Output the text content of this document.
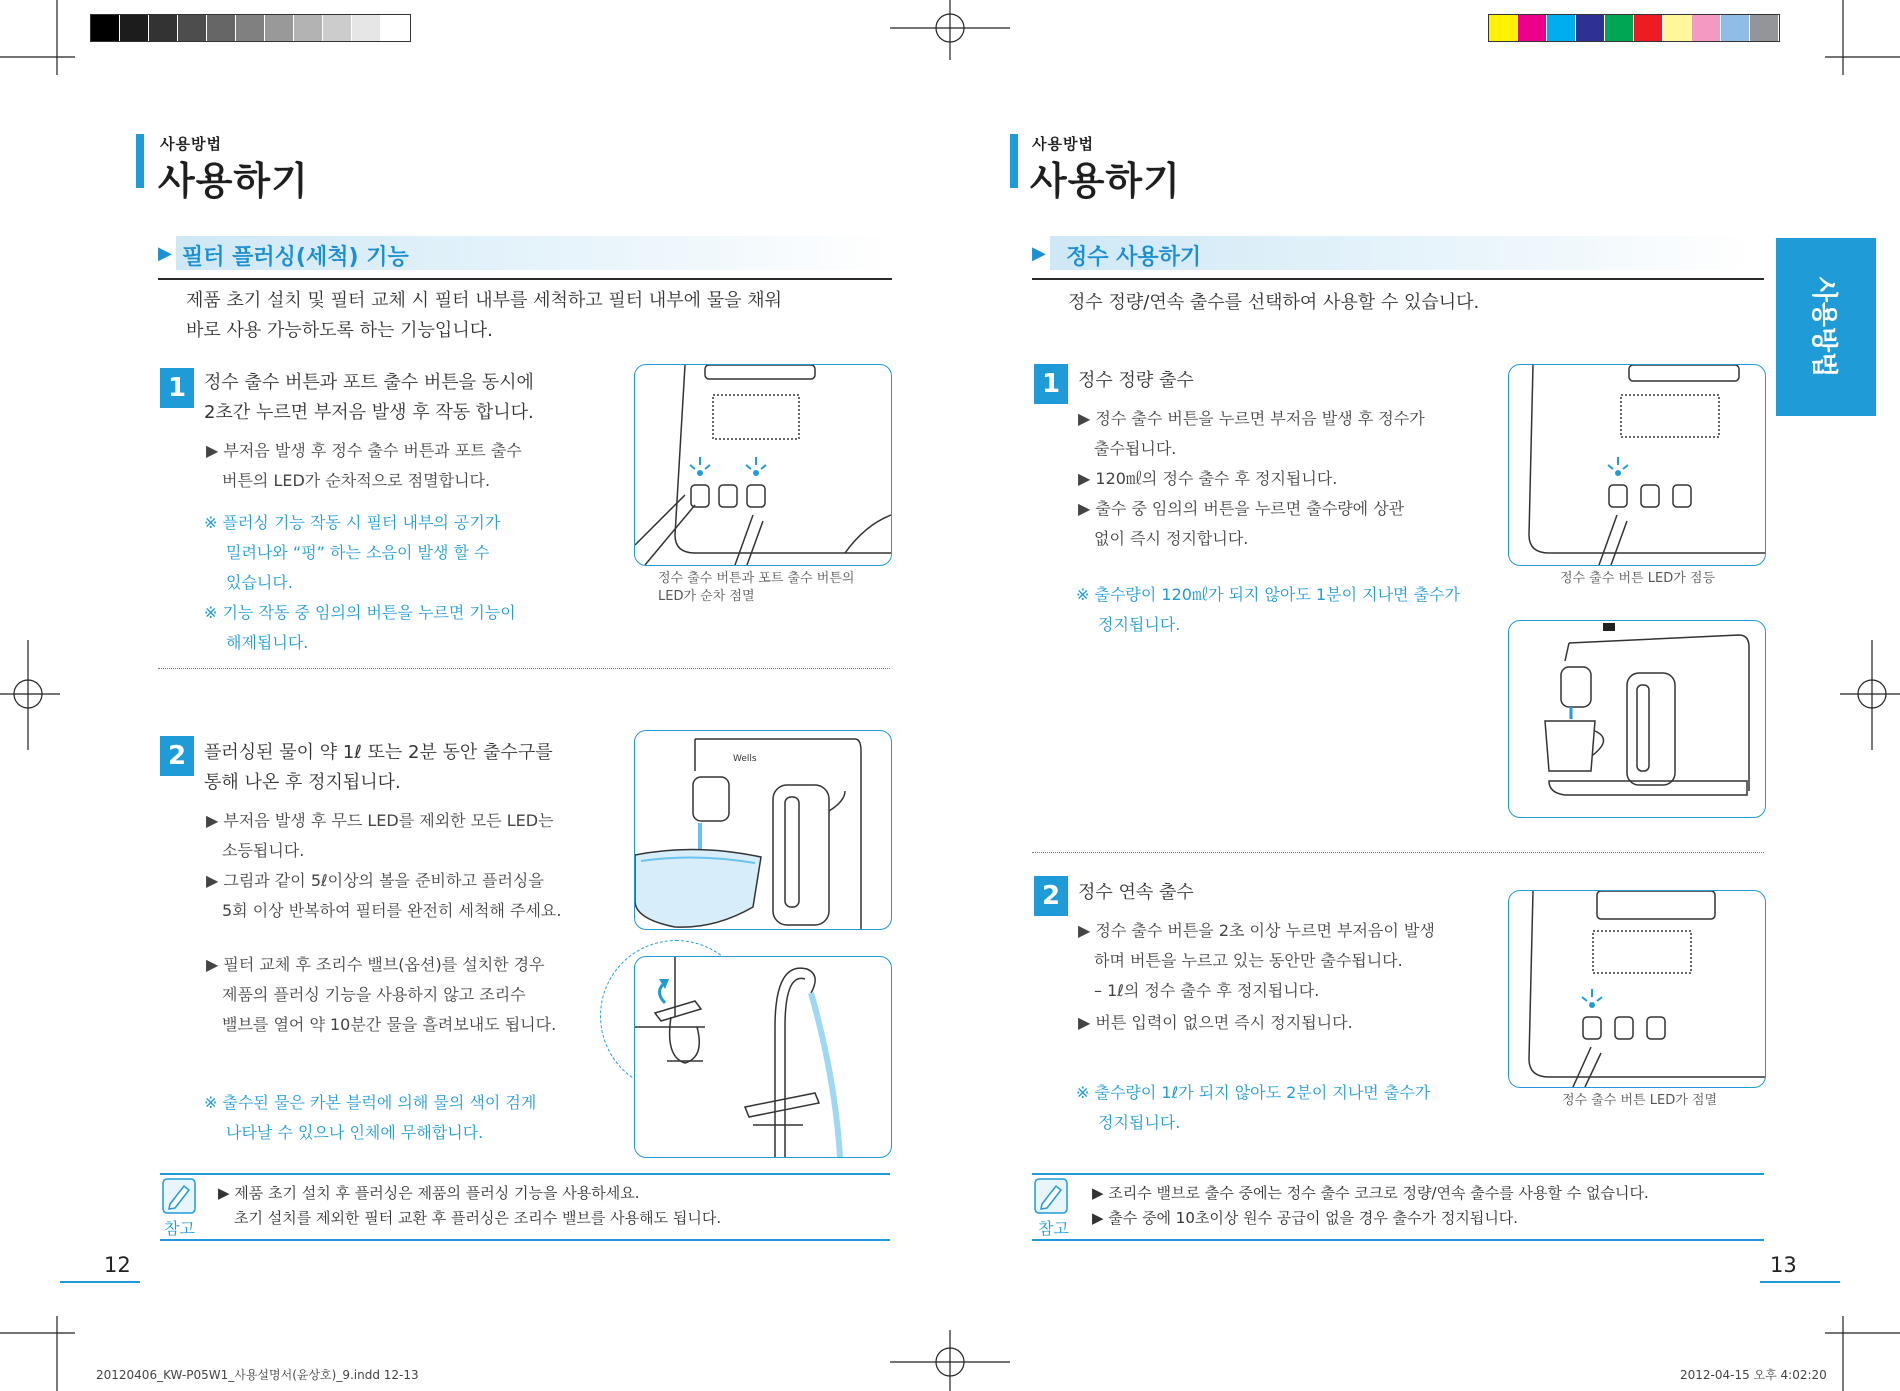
사용방법
사용하기
▶ 필터 플러싱(세척) 기능
제품 초기 설치 및 필터 교체 시 필터 내부를 세척하고 필터 내부에 물을 채워
바로 사용 가능하도록 하는 기능입니다.
1 정수 출수 버튼과 포트 출수 버튼을 동시에
2초간 누르면 부저음 발생 후 작동 합니다.
▶ 부저음 발생 후 정수 출수 버튼과 포트 출수
버튼의 LED가 순차적으로 점멸합니다.
※ 플러싱 기능 작동 시 필터 내부의 공기가
밀려나와 “펑” 하는 소음이 발생 할 수
있습니다.
※ 기능 작동 중 임의의 버튼을 누르면 기능이
해제됩니다.
정수 출수 버튼과 포트 출수 버튼의
LED가 순차 점멸
2 플러싱된 물이 약 1ℓ 또는 2분 동안 출수구를
통해 나온 후 정지됩니다.
▶ 부저음 발생 후 무드 LED를 제외한 모든 LED는
소등됩니다.
▶ 그림과 같이 5ℓ이상의 볼을 준비하고 플러싱을
5회 이상 반복하여 필터를 완전히 세척해 주세요.
▶ 필터 교체 후 조리수 밸브(옵션)를 설치한 경우
제품의 플러싱 기능을 사용하지 않고 조리수
밸브를 열어 약 10분간 물을 흘려보내도 됩니다.
※ 출수된 물은 카본 블럭에 의해 물의 색이 검게
나타날 수 있으나 인체에 무해합니다.
Wells
참고
▶ 제품 초기 설치 후 플러싱은 제품의 플러싱 기능을 사용하세요.
초기 설치를 제외한 필터 교환 후 플러싱은 조리수 밸브를 사용해도 됩니다.
12
사용방법
사용하기
사용방법
▶ 정수 사용하기
정수 정량/연속 출수를 선택하여 사용할 수 있습니다.
1 정수 정량 출수
▶ 정수 출수 버튼을 누르면 부저음 발생 후 정수가
출수됩니다.
▶ 120㎖의 정수 출수 후 정지됩니다.
▶ 출수 중 임의의 버튼을 누르면 출수량에 상관
없이 즉시 정지합니다.
※ 출수량이 120㎖가 되지 않아도 1분이 지나면 출수가
정지됩니다.
정수 출수 버튼 LED가 점등
2 정수 연속 출수
▶ 정수 출수 버튼을 2초 이상 누르면 부저음이 발생
하며 버튼을 누르고 있는 동안만 출수됩니다.
– 1ℓ의 정수 출수 후 정지됩니다.
▶ 버튼 입력이 없으면 즉시 정지됩니다.
※ 출수량이 1ℓ가 되지 않아도 2분이 지나면 출수가
정지됩니다.
정수 출수 버튼 LED가 점멸
참고
▶ 조리수 밸브로 출수 중에는 정수 출수 코크로 정량/연속 출수를 사용할 수 없습니다.
▶ 출수 중에 10초이상 원수 공급이 없을 경우 출수가 정지됩니다.
13
20120406_KW-P05W1_사용설명서(윤상호)_9.indd 12-13	2012-04-15 오후 4:02:20
